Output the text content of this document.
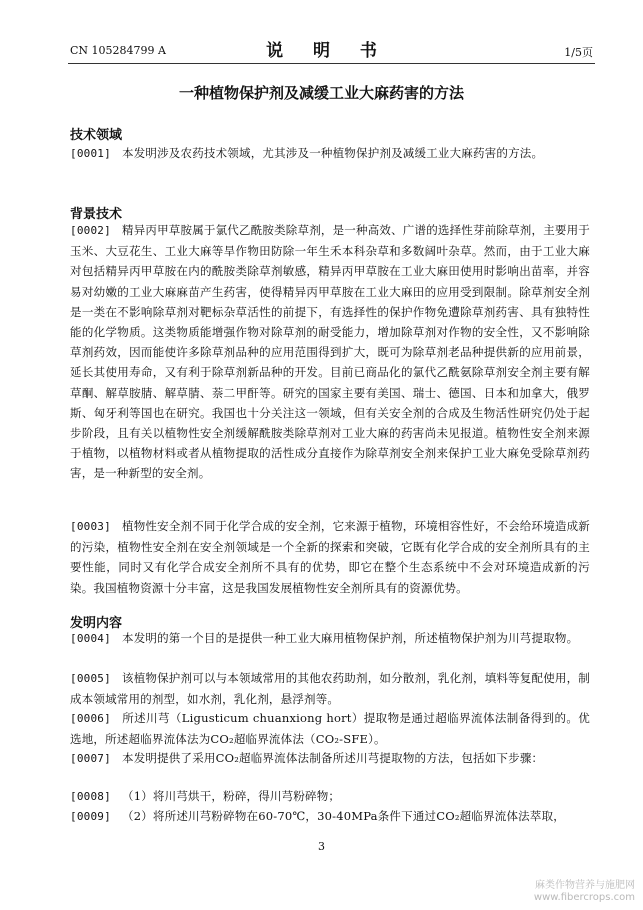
CN 105284799 A	说 明 书	1/5页
一种植物保护剂及减缓工业大麻药害的方法
技术领域
[0001] 本发明涉及农药技术领域，尤其涉及一种植物保护剂及减缓工业大麻药害的方法。
背景技术
[0002] 精异丙甲草胺属于氯代乙酰胺类除草剂，是一种高效、广谱的选择性芽前除草剂，主要用于玉米、大豆花生、工业大麻等旱作物田防除一年生禾本科杂草和多数阔叶杂草。然而，由于工业大麻对包括精异丙甲草胺在内的酰胺类除草剂敏感，精异丙甲草胺在工业大麻田使用时影响出苗率，并容易对幼嫩的工业大麻麻苗产生药害，使得精异丙甲草胺在工业大麻田的应用受到限制。除草剂安全剂是一类在不影响除草剂对靶标杂草活性的前提下，有选择性的保护作物免遭除草剂药害、具有独特性能的化学物质。这类物质能增强作物对除草剂的耐受能力，增加除草剂对作物的安全性，又不影响除草剂药效，因而能使许多除草剂品种的应用范围得到扩大，既可为除草剂老品种提供新的应用前景，延长其使用寿命，又有利于除草剂新品种的开发。目前已商品化的氯代乙酰氨除草剂安全剂主要有解草酮、解草胺腈、解草腈、萘二甲酐等。研究的国家主要有美国、瑞士、德国、日本和加拿大，俄罗斯、匈牙利等国也在研究。我国也十分关注这一领域，但有关安全剂的合成及生物活性研究仍处于起步阶段，且有关以植物性安全剂缓解酰胺类除草剂对工业大麻的药害尚未见报道。植物性安全剂来源于植物，以植物材料或者从植物提取的活性成分直接作为除草剂安全剂来保护工业大麻免受除草剂药害，是一种新型的安全剂。
[0003] 植物性安全剂不同于化学合成的安全剂，它来源于植物，环境相容性好，不会给环境造成新的污染，植物性安全剂在安全剂领域是一个全新的探索和突破，它既有化学合成的安全剂所具有的主要性能，同时又有化学合成安全剂所不具有的优势，即它在整个生态系统中不会对环境造成新的污染。我国植物资源十分丰富，这是我国发展植物性安全剂所具有的资源优势。
发明内容
[0004] 本发明的第一个目的是提供一种工业大麻用植物保护剂，所述植物保护剂为川芎提取物。
[0005] 该植物保护剂可以与本领域常用的其他农药助剂，如分散剂，乳化剂，填料等复配使用，制成本领域常用的剂型，如水剂，乳化剂，悬浮剂等。
[0006] 所述川芎（Ligusticum chuanxiong hort）提取物是通过超临界流体法制备得到的。优选地，所述超临界流体法为CO₂超临界流体法（CO₂-SFE）。
[0007] 本发明提供了采用CO₂超临界流体法制备所述川芎提取物的方法，包括如下步骤：
[0008] （1）将川芎烘干，粉碎，得川芎粉碎物；
[0009] （2）将所述川芎粉碎物在60-70℃，30-40MPa条件下通过CO₂超临界流体法萃取，
3
麻类作物营养与施肥网
www.fibercrops.com
